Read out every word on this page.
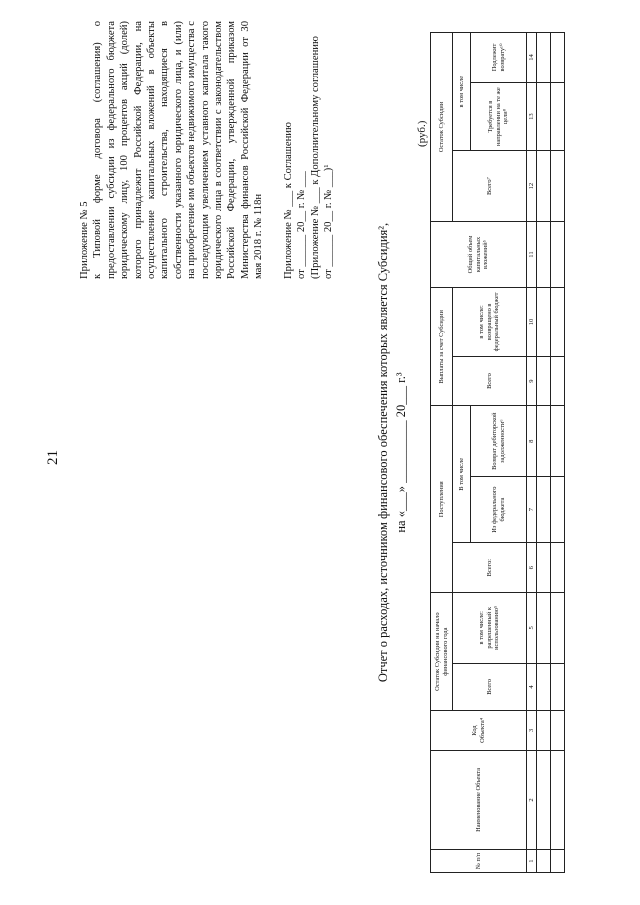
21

Приложение № 5 к Типовой форме договора (соглашения) о предоставлении субсидии из федерального бюджета юридическому лицу, 100 процентов акций (долей) которого принадлежит Российской Федерации, на осуществление капитальных вложений в объекты капитального строительства, находящиеся в собственности указанного юридического лица, и (или) на приобретение им объектов недвижимого имущества с последующим увеличением уставного капитала такого юридического лица в соответствии с законодательством Российской Федерации, утвержденной приказом Министерства финансов Российской Федерации от 30 мая 2018 г. № 118н Приложение № ___ к Соглашению от ______ 20__ г. № ___ (Приложение № ___ к Дополнительному соглашению от ______ 20__ г. № ___)¹
Отчет о расходах, источником финансового обеспечения которых является Субсидия², на «___» __________ 20___ г.³
(руб.)
№ п/п	Наименование Объекта	Код Объекта⁴	Остаток Субсидии на начало финансового года		Поступления			Выплаты за счет Субсидии		Общий объем капитальных вложений⁵	Остаток Субсидии		
			Всего	в том числе: разрешенный к использованию⁵	Всего:	В том числе		Всего	в том числе: возвращено в федеральный бюджет		Всего⁷	в том числе	
						Из федерального бюджета	Возврат дебиторской задолженности⁶					Требуется в направлении на те же цели⁸	Подлежит возврату¹⁰
1	2	3	4	5	6	7	8	9	10	11	12	13	14
